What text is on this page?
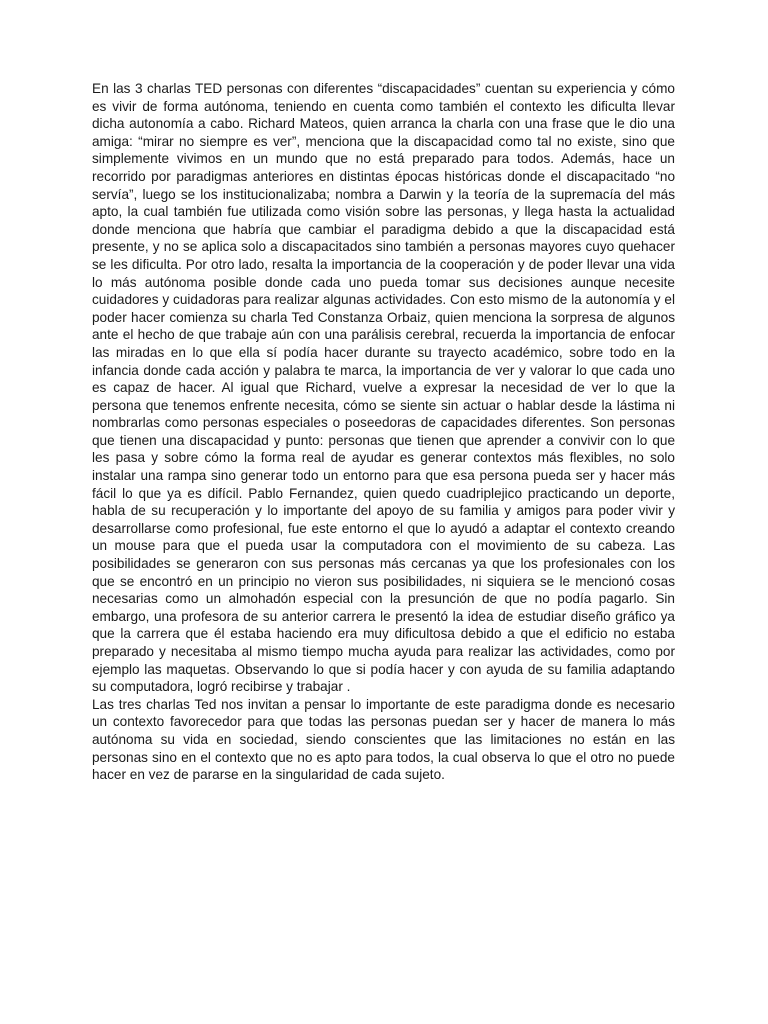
En las 3 charlas TED personas con diferentes “discapacidades” cuentan su experiencia y cómo es vivir de forma autónoma, teniendo en cuenta como también el contexto les dificulta llevar dicha autonomía a cabo. Richard Mateos, quien arranca la charla con una frase que le dio una amiga: “mirar no siempre es ver”, menciona que la discapacidad como tal no existe, sino que simplemente vivimos en un mundo que no está preparado para todos. Además, hace un recorrido por paradigmas anteriores en distintas épocas históricas donde el discapacitado “no servía”, luego se los institucionalizaba; nombra a Darwin y la teoría de la supremacía del más apto, la cual también fue utilizada como visión sobre las personas, y llega hasta la actualidad donde menciona que habría que cambiar el paradigma debido a que la discapacidad está presente, y no se aplica solo a discapacitados sino también a personas mayores cuyo quehacer se les dificulta. Por otro lado, resalta la importancia de la cooperación y de poder llevar una vida lo más autónoma posible donde cada uno pueda tomar sus decisiones aunque necesite cuidadores y cuidadoras para realizar algunas actividades. Con esto mismo de la autonomía y el poder hacer comienza su charla Ted Constanza Orbaiz, quien menciona la sorpresa de algunos ante el hecho de que trabaje aún con una parálisis cerebral, recuerda la importancia de enfocar las miradas en lo que ella sí podía hacer durante su trayecto académico, sobre todo en la infancia donde cada acción y palabra te marca, la importancia de ver y valorar lo que cada uno es capaz de hacer. Al igual que Richard, vuelve a expresar la necesidad de ver lo que la persona que tenemos enfrente necesita, cómo se siente sin actuar o hablar desde la lástima ni nombrarlas como personas especiales o poseedoras de capacidades diferentes. Son personas que tienen una discapacidad y punto: personas que tienen que aprender a convivir con lo que les pasa y sobre cómo la forma real de ayudar es generar contextos más flexibles, no solo instalar una rampa sino generar todo un entorno para que esa persona pueda ser y hacer más fácil lo que ya es difícil. Pablo Fernandez, quien quedo cuadriplejico practicando un deporte, habla de su recuperación y lo importante del apoyo de su familia y amigos para poder vivir y desarrollarse como profesional, fue este entorno el que lo ayudó a adaptar el contexto creando un mouse para que el pueda usar la computadora con el movimiento de su cabeza. Las posibilidades se generaron con sus personas más cercanas ya que los profesionales con los que se encontró en un principio no vieron sus posibilidades, ni siquiera se le mencionó cosas necesarias como un almohadón especial con la presunción de que no podía pagarlo. Sin embargo, una profesora de su anterior carrera le presentó la idea de estudiar diseño gráfico ya que la carrera que él estaba haciendo era muy dificultosa debido a que el edificio no estaba preparado y necesitaba al mismo tiempo mucha ayuda para realizar las actividades, como por ejemplo las maquetas. Observando lo que si podía hacer y con ayuda de su familia adaptando su computadora, logró recibirse y trabajar .

Las tres charlas Ted nos invitan a pensar lo importante de este paradigma donde es necesario un contexto favorecedor para que todas las personas puedan ser y hacer de manera lo más autónoma su vida en sociedad, siendo conscientes que las limitaciones no están en las personas sino en el contexto que no es apto para todos, la cual observa lo que el otro no puede hacer en vez de pararse en la singularidad de cada sujeto.
